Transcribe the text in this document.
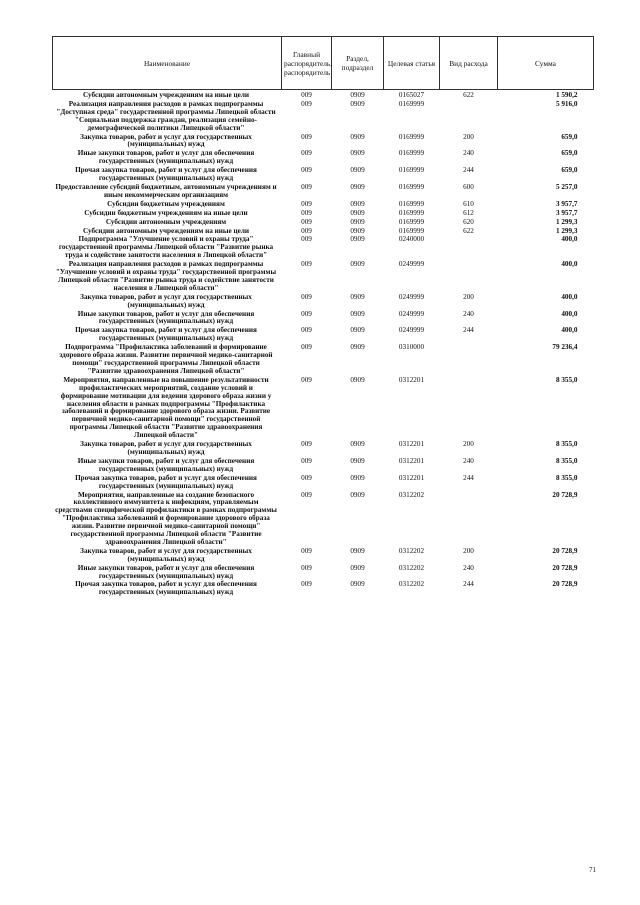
Наименование	Главный распорядитель, распорядитель	Раздел, подраздел	Целевая статья	Вид расхода	Сумма
Субсидии автономным учреждениям на иные цели	009	0909	0165027	622	1 590,2
Реализация направления расходов в рамках подпрограммы "Доступная среда" государственной программы Липецкой области "Социальная поддержка граждан, реализация семейно-демографической политики Липецкой области"	009	0909	0169999		5 916,0
Закупка товаров, работ и услуг для государственных (муниципальных) нужд	009	0909	0169999	200	659,0
Иные закупки товаров, работ и услуг для обеспечения государственных (муниципальных) нужд	009	0909	0169999	240	659,0
Прочая закупка товаров, работ и услуг для обеспечения государственных (муниципальных) нужд	009	0909	0169999	244	659,0
Предоставление субсидий бюджетным, автономным учреждениям и иным некоммерческим организациям	009	0909	0169999	600	5 257,0
Субсидии бюджетным учреждениям	009	0909	0169999	610	3 957,7
Субсидии бюджетным учреждениям на иные цели	009	0909	0169999	612	3 957,7
Субсидии автономным учреждениям	009	0909	0169999	620	1 299,3
Субсидии автономным учреждениям на иные цели	009	0909	0169999	622	1 299,3
Подпрограмма "Улучшение условий и охраны труда" государственной программы Липецкой области "Развитие рынка труда и содействие занятости населения в Липецкой области"	009	0909	0240000		400,0
Реализация направления расходов в рамках подпрограммы "Улучшение условий и охраны труда" государственной программы Липецкой области "Развитие рынка труда и содействие занятости населения в Липецкой области"	009	0909	0249999		400,0
Закупка товаров, работ и услуг для государственных (муниципальных) нужд	009	0909	0249999	200	400,0
Иные закупки товаров, работ и услуг для обеспечения государственных (муниципальных) нужд	009	0909	0249999	240	400,0
Прочая закупка товаров, работ и услуг для обеспечения государственных (муниципальных) нужд	009	0909	0249999	244	400,0
Подпрограмма "Профилактика заболеваний и формирование здорового образа жизни. Развитие первичной медико-санитарной помощи" государственной программы Липецкой области "Развитие здравоохранения Липецкой области"	009	0909	0310000		79 236,4
Мероприятия, направленные на повышение результативности профилактических мероприятий, создание условий и формирование мотивации для ведения здорового образа жизни у населения области в рамках подпрограммы "Профилактика заболеваний и формирование здорового образа жизни. Развитие первичной медико-санитарной помощи" государственной программы Липецкой области "Развитие здравоохранения Липецкой области"	009	0909	0312201		8 355,0
Закупка товаров, работ и услуг для государственных (муниципальных) нужд	009	0909	0312201	200	8 355,0
Иные закупки товаров, работ и услуг для обеспечения государственных (муниципальных) нужд	009	0909	0312201	240	8 355,0
Прочая закупка товаров, работ и услуг для обеспечения государственных (муниципальных) нужд	009	0909	0312201	244	8 355,0
Мероприятия, направленные на создание безопасного коллективного иммунитета к инфекциям, управляемым средствами специфической профилактики в рамках подпрограммы "Профилактика заболеваний и формирование здорового образа жизни. Развитие первичной медико-санитарной помощи" государственной программы Липецкой области "Развитие здравоохранения Липецкой области"	009	0909	0312202		20 728,9
Закупка товаров, работ и услуг для государственных (муниципальных) нужд	009	0909	0312202	200	20 728,9
Иные закупки товаров, работ и услуг для обеспечения государственных (муниципальных) нужд	009	0909	0312202	240	20 728,9
Прочая закупка товаров, работ и услуг для обеспечения государственных (муниципальных) нужд	009	0909	0312202	244	20 728,9
71
